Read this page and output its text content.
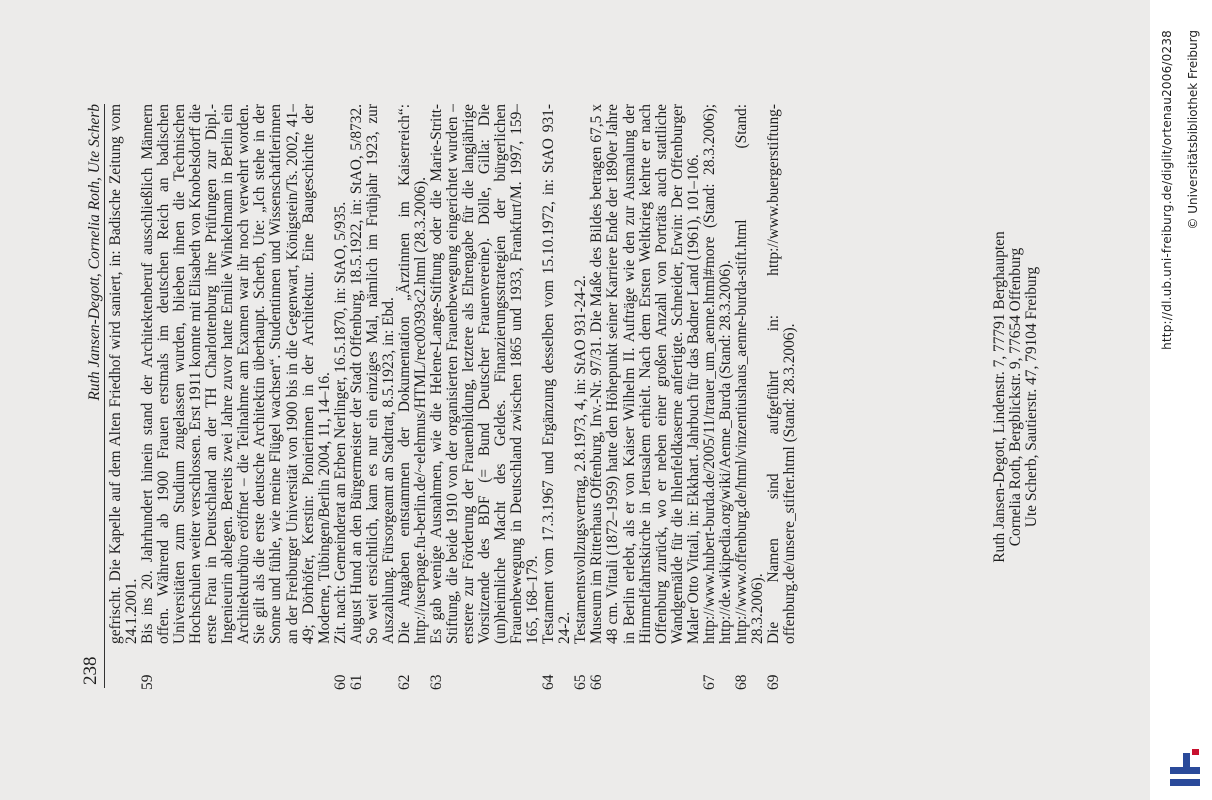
238
Ruth Jansen-Degott, Cornelia Roth, Ute Scherb gefrischt. Die Kapelle auf dem Alten Friedhof wird saniert, in: Badische Zeitung vom 24.1.2001.
59
Bis ins 20. Jahrhundert hinein stand der Architektenberuf ausschließlich Männern offen. Während ab 1900 Frauen erstmals im deutschen Reich an badischen Universitäten zum Studium zugelassen wurden, blieben ihnen die Technischen Hochschulen weiter verschlossen. Erst 1911 konnte mit Elisabeth von Knobelsdorff die erste Frau in Deutschland an der TH Charlottenburg ihre Prüfungen zur Dipl.-Ingenieurin ablegen. Bereits zwei Jahre zuvor hatte Emilie Winkelmann in Berlin ein Architekturbüro eröffnet – die Teilnahme am Examen war ihr noch verwehrt worden. Sie gilt als die erste deutsche Architektin überhaupt. Scherb, Ute: „Ich stehe in der Sonne und fühle, wie meine Flügel wachsen“. Studentinnen und Wissenschaftlerinnen an der Freiburger Universität von 1900 bis in die Gegenwart, Königstein/Ts. 2002, 41–49; Dörhöfer, Kerstin: Pionierinnen in der Architektur. Eine Baugeschichte der Moderne, Tübingen/Berlin 2004, 11, 14–16.
60
Zit. nach: Gemeinderat an Erben Nerlinger, 16.5.1870, in: StAO, 5/935.
61
August Hund an den Bürgermeister der Stadt Offenburg, 18.5.1922, in: StAO, 5/8732. So weit ersichtlich, kam es nur ein einziges Mal, nämlich im Frühjahr 1923, zur Auszahlung. Fürsorgeamt an Stadtrat, 8.5.1923, in: Ebd.
62
Die Angaben entstammen der Dokumentation „Ärztinnen im Kaiserreich“: http://userpage.fu-berlin.de/~elehmus/HTML/rec00393c2.html (28.3.2006).
63
Es gab wenige Ausnahmen, wie die Helene-Lange-Stiftung oder die Marie-Stritt-Stiftung, die beide 1910 von der organisierten Frauenbewegung eingerichtet wurden – erstere zur Förderung der Frauenbildung, letztere als Ehrengabe für die langjährige Vorsitzende des BDF (= Bund Deutscher Frauenvereine). Dölle, Gilla: Die (un)heimliche Macht des Geldes. Finanzierungsstrategien der bürgerlichen Frauenbewegung in Deutschland zwischen 1865 und 1933, Frankfurt/M. 1997, 159–165, 168–179.
64
Testament vom 17.3.1967 und Ergänzung desselben vom 15.10.1972, in: StAO 931-24-2.
65
Testamentsvollzugsvertrag, 2.8.1973, 4, in: StAO 931-24-2.
66
Museum im Ritterhaus Offenburg, Inv.-Nr. 97/31. Die Maße des Bildes betragen 67,5 x 48 cm. Vittali (1872–1959) hatte den Höhepunkt seiner Karriere Ende der 1890er Jahre in Berlin erlebt, als er von Kaiser Wilhelm II. Aufträge wie den zur Ausmalung der Himmelfahrtskirche in Jerusalem erhielt. Nach dem Ersten Weltkrieg kehrte er nach Offenburg zurück, wo er neben einer großen Anzahl von Porträts auch stattliche Wandgemälde für die Ihlenfeldkaserne anfertigte. Schneider, Erwin: Der Offenburger Maler Otto Vittali, in: Ekkhart. Jahrbuch für das Badner Land (1961), 101–106.
67
http://www.hubert-burda.de/2005/11/trauer_um_aenne.html#more (Stand: 28.3.2006); http://de.wikipedia.org/wiki/Aenne_Burda (Stand: 28.3.2006).
68
http://www.offenburg.de/html/vinzentiushaus_aenne-burda-stift.html (Stand: 28.3.2006).
69
Die Namen sind aufgeführt in: http://www.buergerstiftung-offenburg.de/unsere_stifter.html (Stand: 28.3.2006).	Ruth Jansen-Degott, Lindenstr. 7, 77791 Berghaupten Cornelia Roth, Bergblickstr. 9, 77654 Offenburg Ute Scherb, Sautierstr. 47, 79104 Freiburg
http://dl.ub.uni-freiburg.de/diglit/ortenau2006/0238 © Universitätsbibliothek Freiburg
